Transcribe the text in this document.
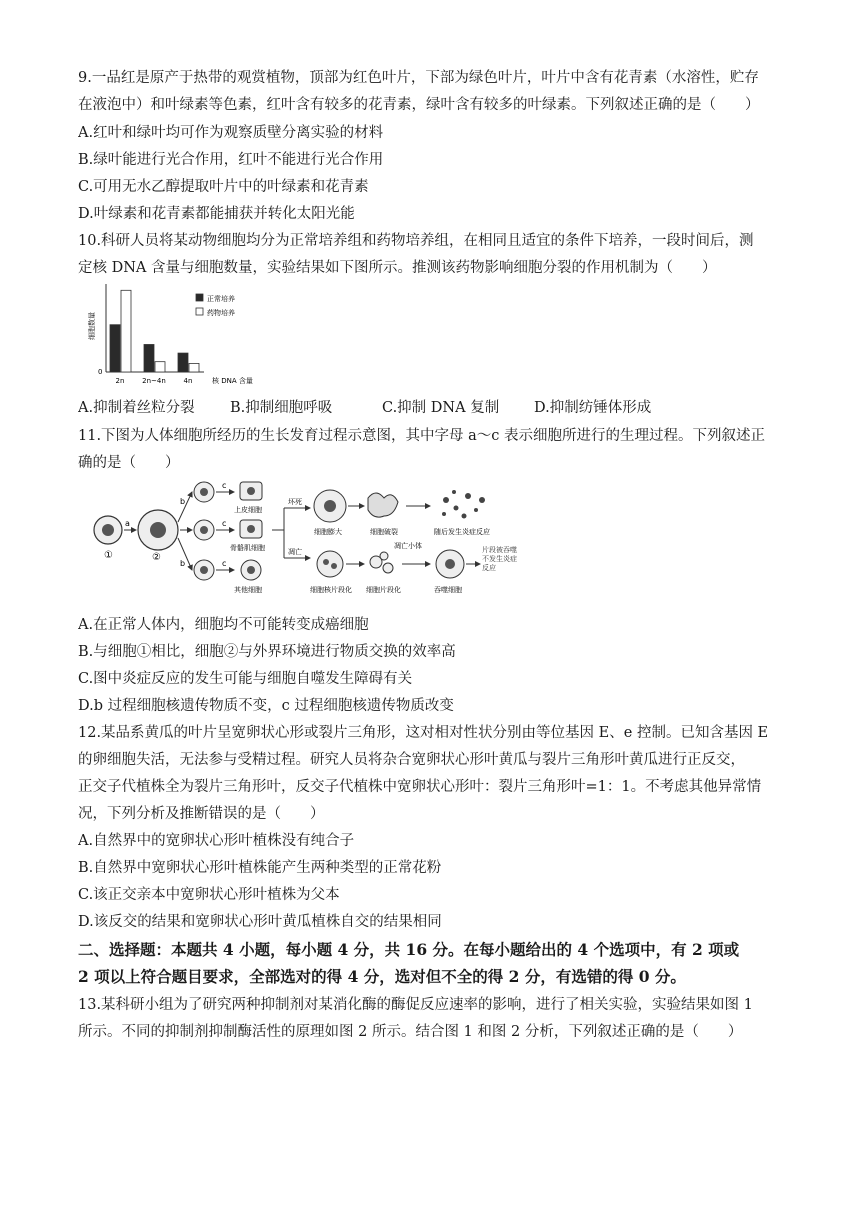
9.一品红是原产于热带的观赏植物，顶部为红色叶片，下部为绿色叶片，叶片中含有花青素（水溶性，贮存
在液泡中）和叶绿素等色素，红叶含有较多的花青素，绿叶含有较多的叶绿素。下列叙述正确的是（　　）
A.红叶和绿叶均可作为观察质壁分离实验的材料
B.绿叶能进行光合作用，红叶不能进行光合作用
C.可用无水乙醇提取叶片中的叶绿素和花青素
D.叶绿素和花青素都能捕获并转化太阳光能
10.科研人员将某动物细胞均分为正常培养组和药物培养组，在相同且适宜的条件下培养，一段时间后，测
定核 DNA 含量与细胞数量，实验结果如下图所示。推测该药物影响细胞分裂的作用机制为（　　）
细胞数量
0
2n	2n~4n	4n	核 DNA 含量
正常培养
药物培养
A.抑制着丝粒分裂	B.抑制细胞呼吸	C.抑制 DNA 复制	D.抑制纺锤体形成
11.下图为人体细胞所经历的生长发育过程示意图，其中字母 a～c 表示细胞所进行的生理过程。下列叙述正
确的是（　　）
①
a
②
b
b
c
c
c
上皮细胞
骨骼肌细胞
其他细胞
坏死
凋亡
细胞膨大	细胞破裂	随后发生炎症反应
细胞核片段化
凋亡小体
细胞片段化	吞噬细胞
片段被吞噬不发生炎症反应
A.在正常人体内，细胞均不可能转变成癌细胞
B.与细胞①相比，细胞②与外界环境进行物质交换的效率高
C.图中炎症反应的发生可能与细胞自噬发生障碍有关
D.b 过程细胞核遗传物质不变，c 过程细胞核遗传物质改变
12.某品系黄瓜的叶片呈宽卵状心形或裂片三角形，这对相对性状分别由等位基因 E、e 控制。已知含基因 E
的卵细胞失活，无法参与受精过程。研究人员将杂合宽卵状心形叶黄瓜与裂片三角形叶黄瓜进行正反交，
正交子代植株全为裂片三角形叶，反交子代植株中宽卵状心形叶：裂片三角形叶=1：1。不考虑其他异常情
况，下列分析及推断错误的是（　　）
A.自然界中的宽卵状心形叶植株没有纯合子
B.自然界中宽卵状心形叶植株能产生两种类型的正常花粉
C.该正交亲本中宽卵状心形叶植株为父本
D.该反交的结果和宽卵状心形叶黄瓜植株自交的结果相同
二、选择题：本题共 4 小题，每小题 4 分，共 16 分。在每小题给出的 4 个选项中，有 2 项或
2 项以上符合题目要求，全部选对的得 4 分，选对但不全的得 2 分，有选错的得 0 分。
13.某科研小组为了研究两种抑制剂对某消化酶的酶促反应速率的影响，进行了相关实验，实验结果如图 1
所示。不同的抑制剂抑制酶活性的原理如图 2 所示。结合图 1 和图 2 分析，下列叙述正确的是（　　）
